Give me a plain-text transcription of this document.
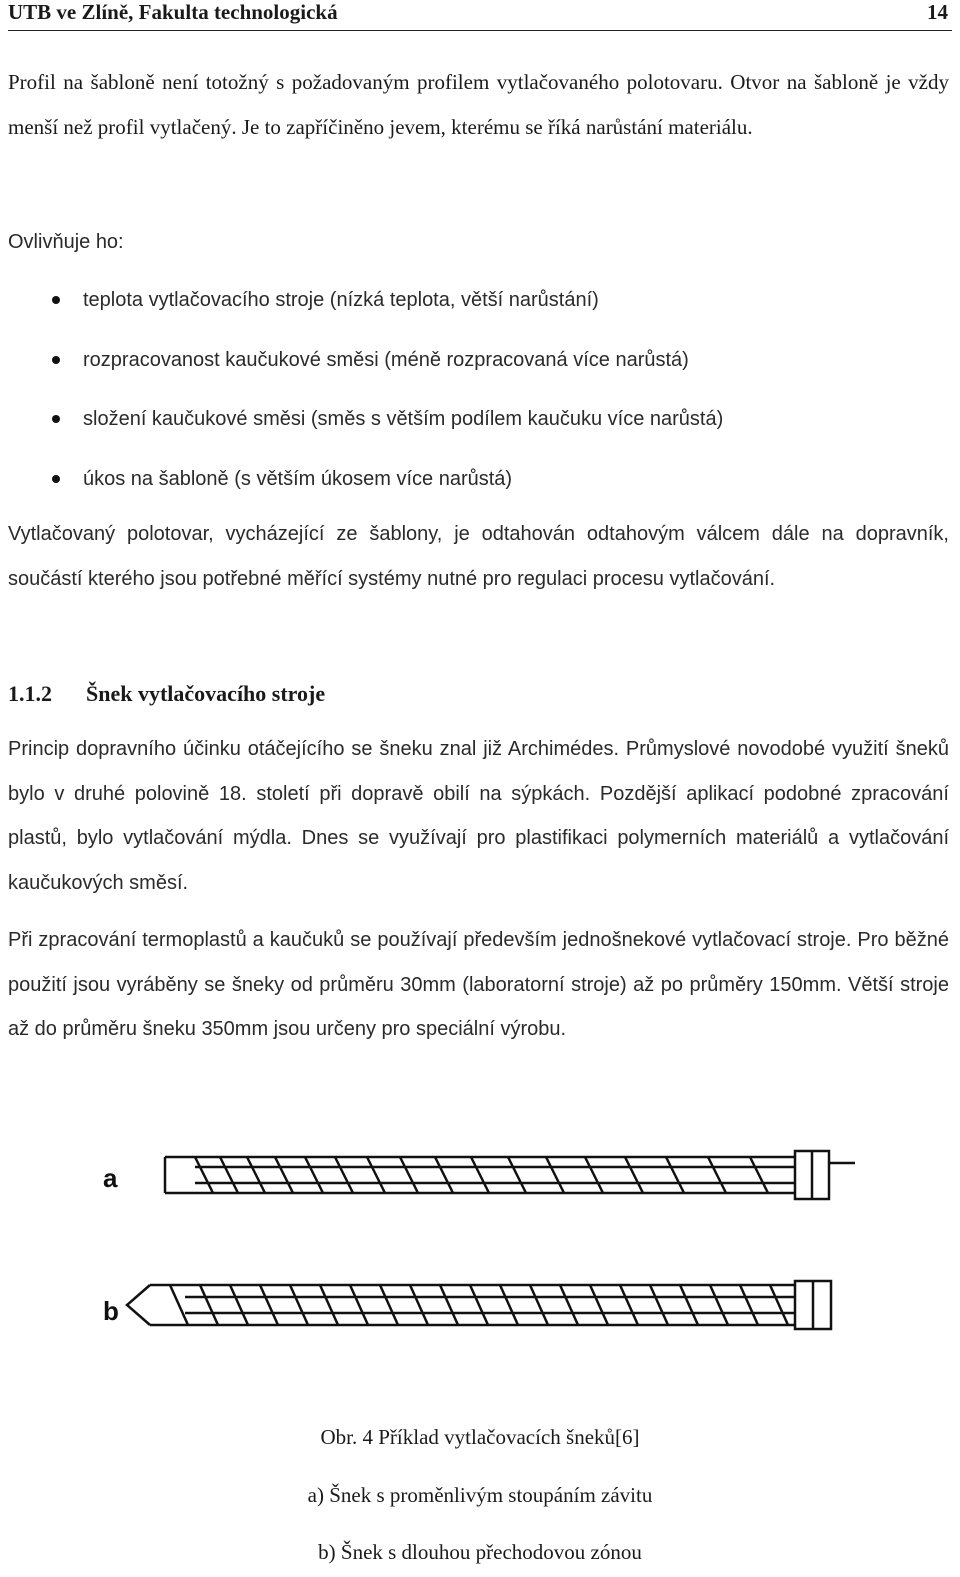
UTB ve Zlíně, Fakulta technologická	14

Profil na šabloně není totožný s požadovaným profilem vytlačovaného polotovaru. Otvor na šabloně je vždy menší než profil vytlačený. Je to zapříčiněno jevem, kterému se říká narůstání materiálu.

Ovlivňuje ho:

teplota vytlačovacího stroje (nízká teplota, větší narůstání)
rozpracovanost kaučukové směsi (méně rozpracovaná více narůstá)
složení kaučukové směsi (směs s větším podílem kaučuku více narůstá)
úkos na šabloně (s větším úkosem více narůstá)

Vytlačovaný polotovar, vycházející ze šablony, je odtahován odtahovým válcem dále na dopravník, součástí kterého jsou potřebné měřící systémy nutné pro regulaci procesu vytlačování.

1.1.2 Šnek vytlačovacího stroje

Princip dopravního účinku otáčejícího se šneku znal již Archimédes. Průmyslové novodobé využití šneků bylo v druhé polovině 18. století při dopravě obilí na sýpkách. Pozdější aplikací podobné zpracování plastů, bylo vytlačování mýdla. Dnes se využívají pro plastifikaci polymerních materiálů a vytlačování kaučukových směsí.

Při zpracování termoplastů a kaučuků se používají především jednošnekové vytlačovací stroje. Pro běžné použití jsou vyráběny se šneky od průměru 30mm (laboratorní stroje) až po průměry 150mm. Větší stroje až do průměru šneku 350mm jsou určeny pro speciální výrobu.

a
b
Obr. 4 Příklad vytlačovacích šneků[6]
a) Šnek s proměnlivým stoupáním závitu
b) Šnek s dlouhou přechodovou zónou
